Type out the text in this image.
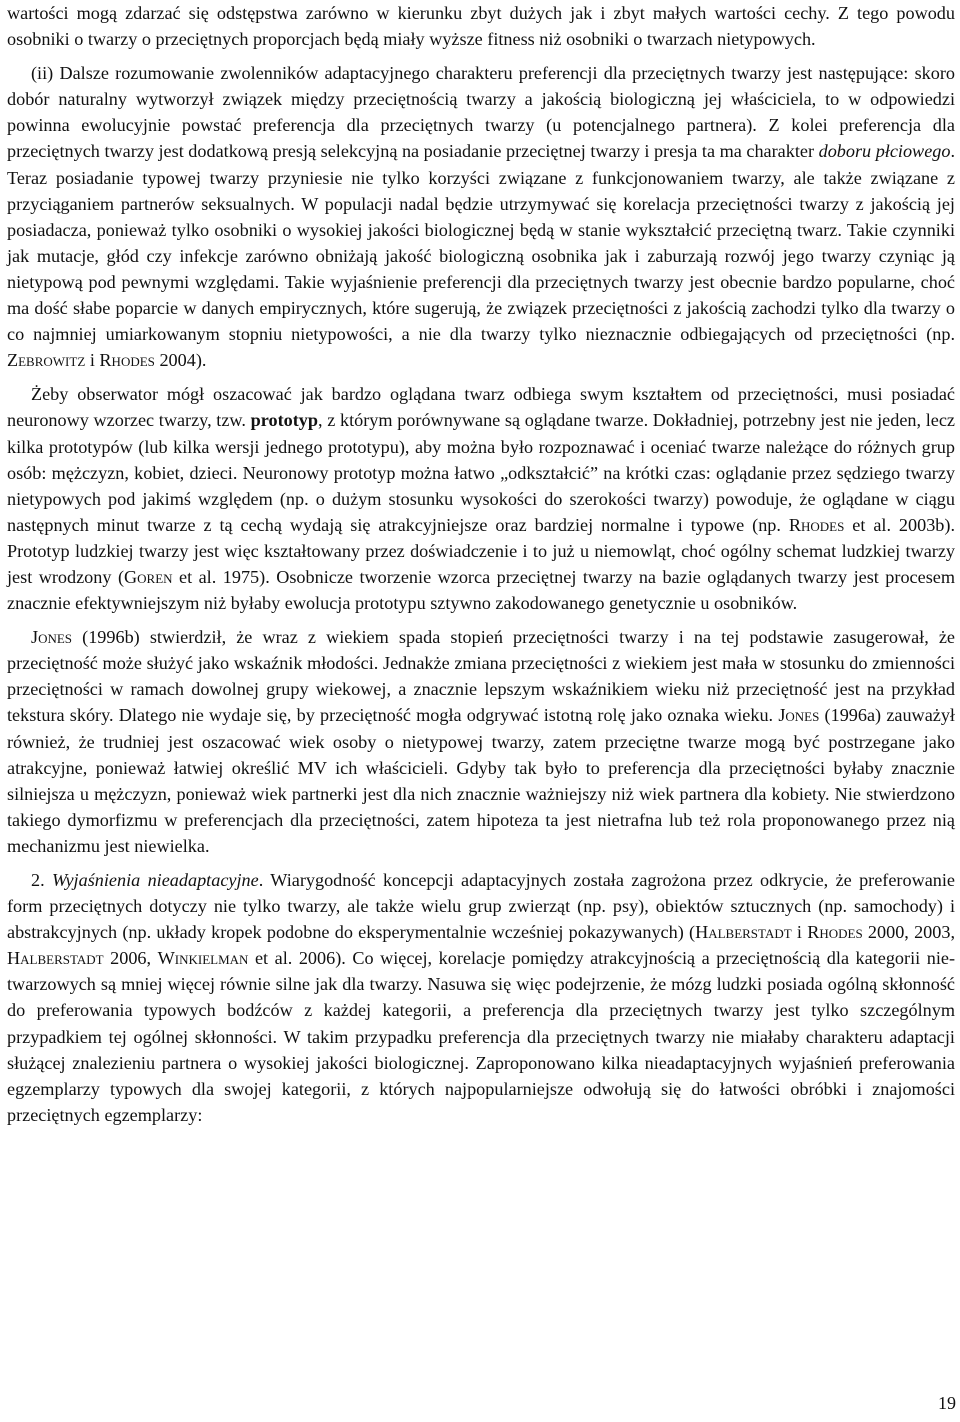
wartości mogą zdarzać się odstępstwa zarówno w kierunku zbyt dużych jak i zbyt małych wartości cechy. Z tego powodu osobniki o twarzy o przeciętnych proporcjach będą miały wyższe fitness niż osobniki o twarzach nietypowych.

(ii) Dalsze rozumowanie zwolenników adaptacyjnego charakteru preferencji dla przeciętnych twarzy jest następujące: skoro dobór naturalny wytworzył związek między przeciętnością twarzy a jakością biologiczną jej właściciela, to w odpowiedzi powinna ewolucyjnie powstać preferencja dla przeciętnych twarzy (u potencjalnego partnera). Z kolei preferencja dla przeciętnych twarzy jest dodatkową presją selekcyjną na posiadanie przeciętnej twarzy i presja ta ma charakter doboru płciowego. Teraz posiadanie typowej twarzy przyniesie nie tylko korzyści związane z funkcjonowaniem twarzy, ale także związane z przyciąganiem partnerów seksualnych. W populacji nadal będzie utrzymywać się korelacja przeciętności twarzy z jakością jej posiadacza, ponieważ tylko osobniki o wysokiej jakości biologicznej będą w stanie wykształcić przeciętną twarz. Takie czynniki jak mutacje, głód czy infekcje zarówno obniżają jakość biologiczną osobnika jak i zaburzają rozwój jego twarzy czyniąc ją nietypową pod pewnymi względami. Takie wyjaśnienie preferencji dla przeciętnych twarzy jest obecnie bardzo popularne, choć ma dość słabe poparcie w danych empirycznych, które sugerują, że związek przeciętności z jakością zachodzi tylko dla twarzy o co najmniej umiarkowanym stopniu nietypowości, a nie dla twarzy tylko nieznacznie odbiegających od przeciętności (np. Zebrowitz i Rhodes 2004).

Żeby obserwator mógł oszacować jak bardzo oglądana twarz odbiega swym kształtem od przeciętności, musi posiadać neuronowy wzorzec twarzy, tzw. prototyp, z którym porównywane są oglądane twarze. Dokładniej, potrzebny jest nie jeden, lecz kilka prototypów (lub kilka wersji jednego prototypu), aby można było rozpoznawać i oceniać twarze należące do różnych grup osób: mężczyzn, kobiet, dzieci. Neuronowy prototyp można łatwo „odkształcić” na krótki czas: oglądanie przez sędziego twarzy nietypowych pod jakimś względem (np. o dużym stosunku wysokości do szerokości twarzy) powoduje, że oglądane w ciągu następnych minut twarze z tą cechą wydają się atrakcyjniejsze oraz bardziej normalne i typowe (np. Rhodes et al. 2003b). Prototyp ludzkiej twarzy jest więc kształtowany przez doświadczenie i to już u niemowląt, choć ogólny schemat ludzkiej twarzy jest wrodzony (Goren et al. 1975). Osobnicze tworzenie wzorca przeciętnej twarzy na bazie oglądanych twarzy jest procesem znacznie efektywniejszym niż byłaby ewolucja prototypu sztywno zakodowanego genetycznie u osobników.

Jones (1996b) stwierdził, że wraz z wiekiem spada stopień przeciętności twarzy i na tej podstawie zasugerował, że przeciętność może służyć jako wskaźnik młodości. Jednakże zmiana przeciętności z wiekiem jest mała w stosunku do zmienności przeciętności w ramach dowolnej grupy wiekowej, a znacznie lepszym wskaźnikiem wieku niż przeciętność jest na przykład tekstura skóry. Dlatego nie wydaje się, by przeciętność mogła odgrywać istotną rolę jako oznaka wieku. Jones (1996a) zauważył również, że trudniej jest oszacować wiek osoby o nietypowej twarzy, zatem przeciętne twarze mogą być postrzegane jako atrakcyjne, ponieważ łatwiej określić MV ich właścicieli. Gdyby tak było to preferencja dla przeciętności byłaby znacznie silniejsza u mężczyzn, ponieważ wiek partnerki jest dla nich znacznie ważniejszy niż wiek partnera dla kobiety. Nie stwierdzono takiego dymorfizmu w preferencjach dla przeciętności, zatem hipoteza ta jest nietrafna lub też rola proponowanego przez nią mechanizmu jest niewielka.

2. Wyjaśnienia nieadaptacyjne. Wiarygodność koncepcji adaptacyjnych została zagrożona przez odkrycie, że preferowanie form przeciętnych dotyczy nie tylko twarzy, ale także wielu grup zwierząt (np. psy), obiektów sztucznych (np. samochody) i abstrakcyjnych (np. układy kropek podobne do eksperymentalnie wcześniej pokazywanych) (Halberstadt i Rhodes 2000, 2003, Halberstadt 2006, Winkielman et al. 2006). Co więcej, korelacje pomiędzy atrakcyjnością a przeciętnością dla kategorii nie-twarzowych są mniej więcej równie silne jak dla twarzy. Nasuwa się więc podejrzenie, że mózg ludzki posiada ogólną skłonność do preferowania typowych bodźców z każdej kategorii, a preferencja dla przeciętnych twarzy jest tylko szczególnym przypadkiem tej ogólnej skłonności. W takim przypadku preferencja dla przeciętnych twarzy nie miałaby charakteru adaptacji służącej znalezieniu partnera o wysokiej jakości biologicznej. Zaproponowano kilka nieadaptacyjnych wyjaśnień preferowania egzemplarzy typowych dla swojej kategorii, z których najpopularniejsze odwołują się do łatwości obróbki i znajomości przeciętnych egzemplarzy:

19
